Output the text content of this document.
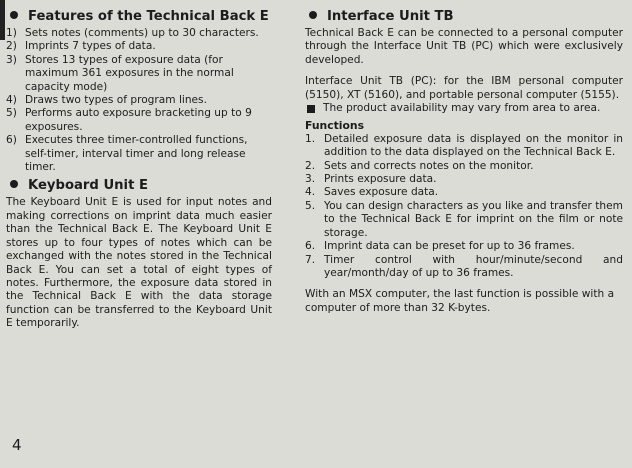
Features of the Technical Back E
1) Sets notes (comments) up to 30 characters.
2) Imprints 7 types of data.
3) Stores 13 types of exposure data (for maximum 361 exposures in the normal capacity mode)
4) Draws two types of program lines.
5) Performs auto exposure bracketing up to 9 exposures.
6) Executes three timer-controlled functions, self-timer, interval timer and long release timer.
Keyboard Unit E
The Keyboard Unit E is used for input notes and making corrections on imprint data much easier than the Technical Back E. The Keyboard Unit E stores up to four types of notes which can be exchanged with the notes stored in the Technical Back E. You can set a total of eight types of notes. Furthermore, the exposure data stored in the Technical Back E with the data storage function can be transferred to the Keyboard Unit E temporarily.
Interface Unit TB
Technical Back E can be connected to a personal computer through the Interface Unit TB (PC) which were exclusively developed.
Interface Unit TB (PC): for the IBM personal computer (5150), XT (5160), and portable personal computer (5155).
The product availability may vary from area to area.
Functions
1. Detailed exposure data is displayed on the monitor in addition to the data displayed on the Technical Back E.
2. Sets and corrects notes on the monitor.
3. Prints exposure data.
4. Saves exposure data.
5. You can design characters as you like and transfer them to the Technical Back E for imprint on the film or note storage.
6. Imprint data can be preset for up to 36 frames.
7. Timer control with hour/minute/second and year/month/day of up to 36 frames.
With an MSX computer, the last function is possible with a computer of more than 32 K-bytes.
4
